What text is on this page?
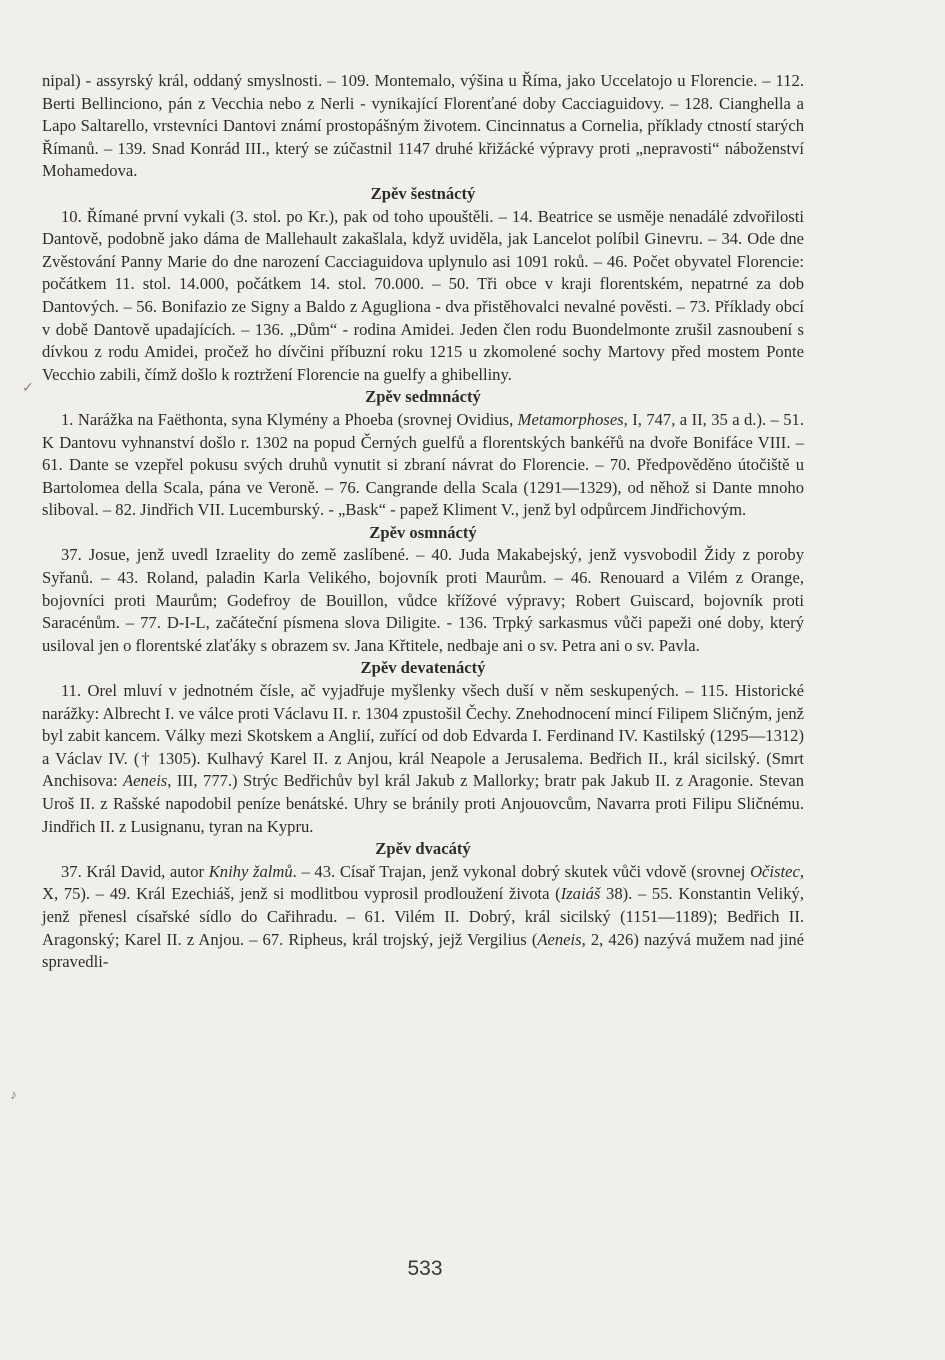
nipal) - assyrský král, oddaný smyslnosti. – 109. Montemalo, výšina u Říma, jako Uccelatojo u Florencie. – 112. Berti Bellinciono, pán z Vecchia nebo z Nerli - vynikající Florenťané doby Cacciaguidovy. – 128. Cianghella a Lapo Saltarello, vrstevníci Dantovi známí prostopášným životem. Cincinnatus a Cornelia, příklady ctností starých Římanů. – 139. Snad Konrád III., který se zúčastnil 1147 druhé křižácké výpravy proti „nepravosti“ náboženství Mohamedova.

Zpěv šestnáctý

10. Římané první vykali (3. stol. po Kr.), pak od toho upouštěli. – 14. Beatrice se usměje nenadálé zdvořilosti Dantově, podobně jako dáma de Mallehault zakašlala, když uviděla, jak Lancelot políbil Ginevru. – 34. Ode dne Zvěstování Panny Marie do dne narození Cacciaguidova uplynulo asi 1091 roků. – 46. Počet obyvatel Florencie: počátkem 11. stol. 14.000, počátkem 14. stol. 70.000. – 50. Tři obce v kraji florentském, nepatrné za dob Dantových. – 56. Bonifazio ze Signy a Baldo z Agugliona - dva přistěhovalci nevalné pověsti. – 73. Příklady obcí v době Dantově upadajících. – 136. „Dům“ - rodina Amidei. Jeden člen rodu Buondelmonte zrušil zasnoubení s dívkou z rodu Amidei, pročež ho dívčini příbuzní roku 1215 u zkomolené sochy Martovy před mostem Ponte Vecchio zabili, čímž došlo k roztržení Florencie na guelfy a ghibelliny.

Zpěv sedmnáctý

1. Narážka na Faëthonta, syna Klymény a Phoeba (srovnej Ovidius, Metamorphoses, I, 747, a II, 35 a d.). – 51. K Dantovu vyhnanství došlo r. 1302 na popud Černých guelfů a florentských bankéřů na dvoře Bonifáce VIII. – 61. Dante se vzepřel pokusu svých druhů vynutit si zbraní návrat do Florencie. – 70. Předpověděno útočiště u Bartolomea della Scala, pána ve Veroně. – 76. Cangrande della Scala (1291—1329), od něhož si Dante mnoho sliboval. – 82. Jindřich VII. Lucemburský. - „Bask“ - papež Kliment V., jenž byl odpůrcem Jindřichovým.

Zpěv osmnáctý

37. Josue, jenž uvedl Izraelity do země zaslíbené. – 40. Juda Makabejský, jenž vysvobodil Židy z poroby Syřanů. – 43. Roland, paladin Karla Velikého, bojovník proti Maurům. – 46. Renouard a Vilém z Orange, bojovníci proti Maurům; Godefroy de Bouillon, vůdce křížové výpravy; Robert Guiscard, bojovník proti Saracénům. – 77. D-I-L, začáteční písmena slova Diligite. - 136. Trpký sarkasmus vůči papeži oné doby, který usiloval jen o florentské zlaťáky s obrazem sv. Jana Křtitele, nedbaje ani o sv. Petra ani o sv. Pavla.

Zpěv devatenáctý

11. Orel mluví v jednotném čísle, ač vyjadřuje myšlenky všech duší v něm seskupených. – 115. Historické narážky: Albrecht I. ve válce proti Václavu II. r. 1304 zpustošil Čechy. Znehodnocení mincí Filipem Sličným, jenž byl zabit kancem. Války mezi Skotskem a Anglií, zuřící od dob Edvarda I. Ferdinand IV. Kastilský (1295—1312) a Václav IV. († 1305). Kulhavý Karel II. z Anjou, král Neapole a Jerusalema. Bedřich II., král sicilský. (Smrt Anchisova: Aeneis, III, 777.) Strýc Bedřichův byl král Jakub z Mallorky; bratr pak Jakub II. z Aragonie. Stevan Uroš II. z Rašské napodobil peníze benátské. Uhry se bránily proti Anjouovcům, Navarra proti Filipu Sličnému. Jindřich II. z Lusignanu, tyran na Kypru.

Zpěv dvacátý

37. Král David, autor Knihy žalmů. – 43. Císař Trajan, jenž vykonal dobrý skutek vůči vdově (srovnej Očistec, X, 75). – 49. Král Ezechiáš, jenž si modlitbou vyprosil prodloužení života (Izaiáš 38). – 55. Konstantin Veliký, jenž přenesl císařské sídlo do Cařihradu. – 61. Vilém II. Dobrý, král sicilský (1151—1189); Bedřich II. Aragonský; Karel II. z Anjou. – 67. Ripheus, král trojský, jejž Vergilius (Aeneis, 2, 426) nazývá mužem nad jiné spravedli-

✓
♪
533
